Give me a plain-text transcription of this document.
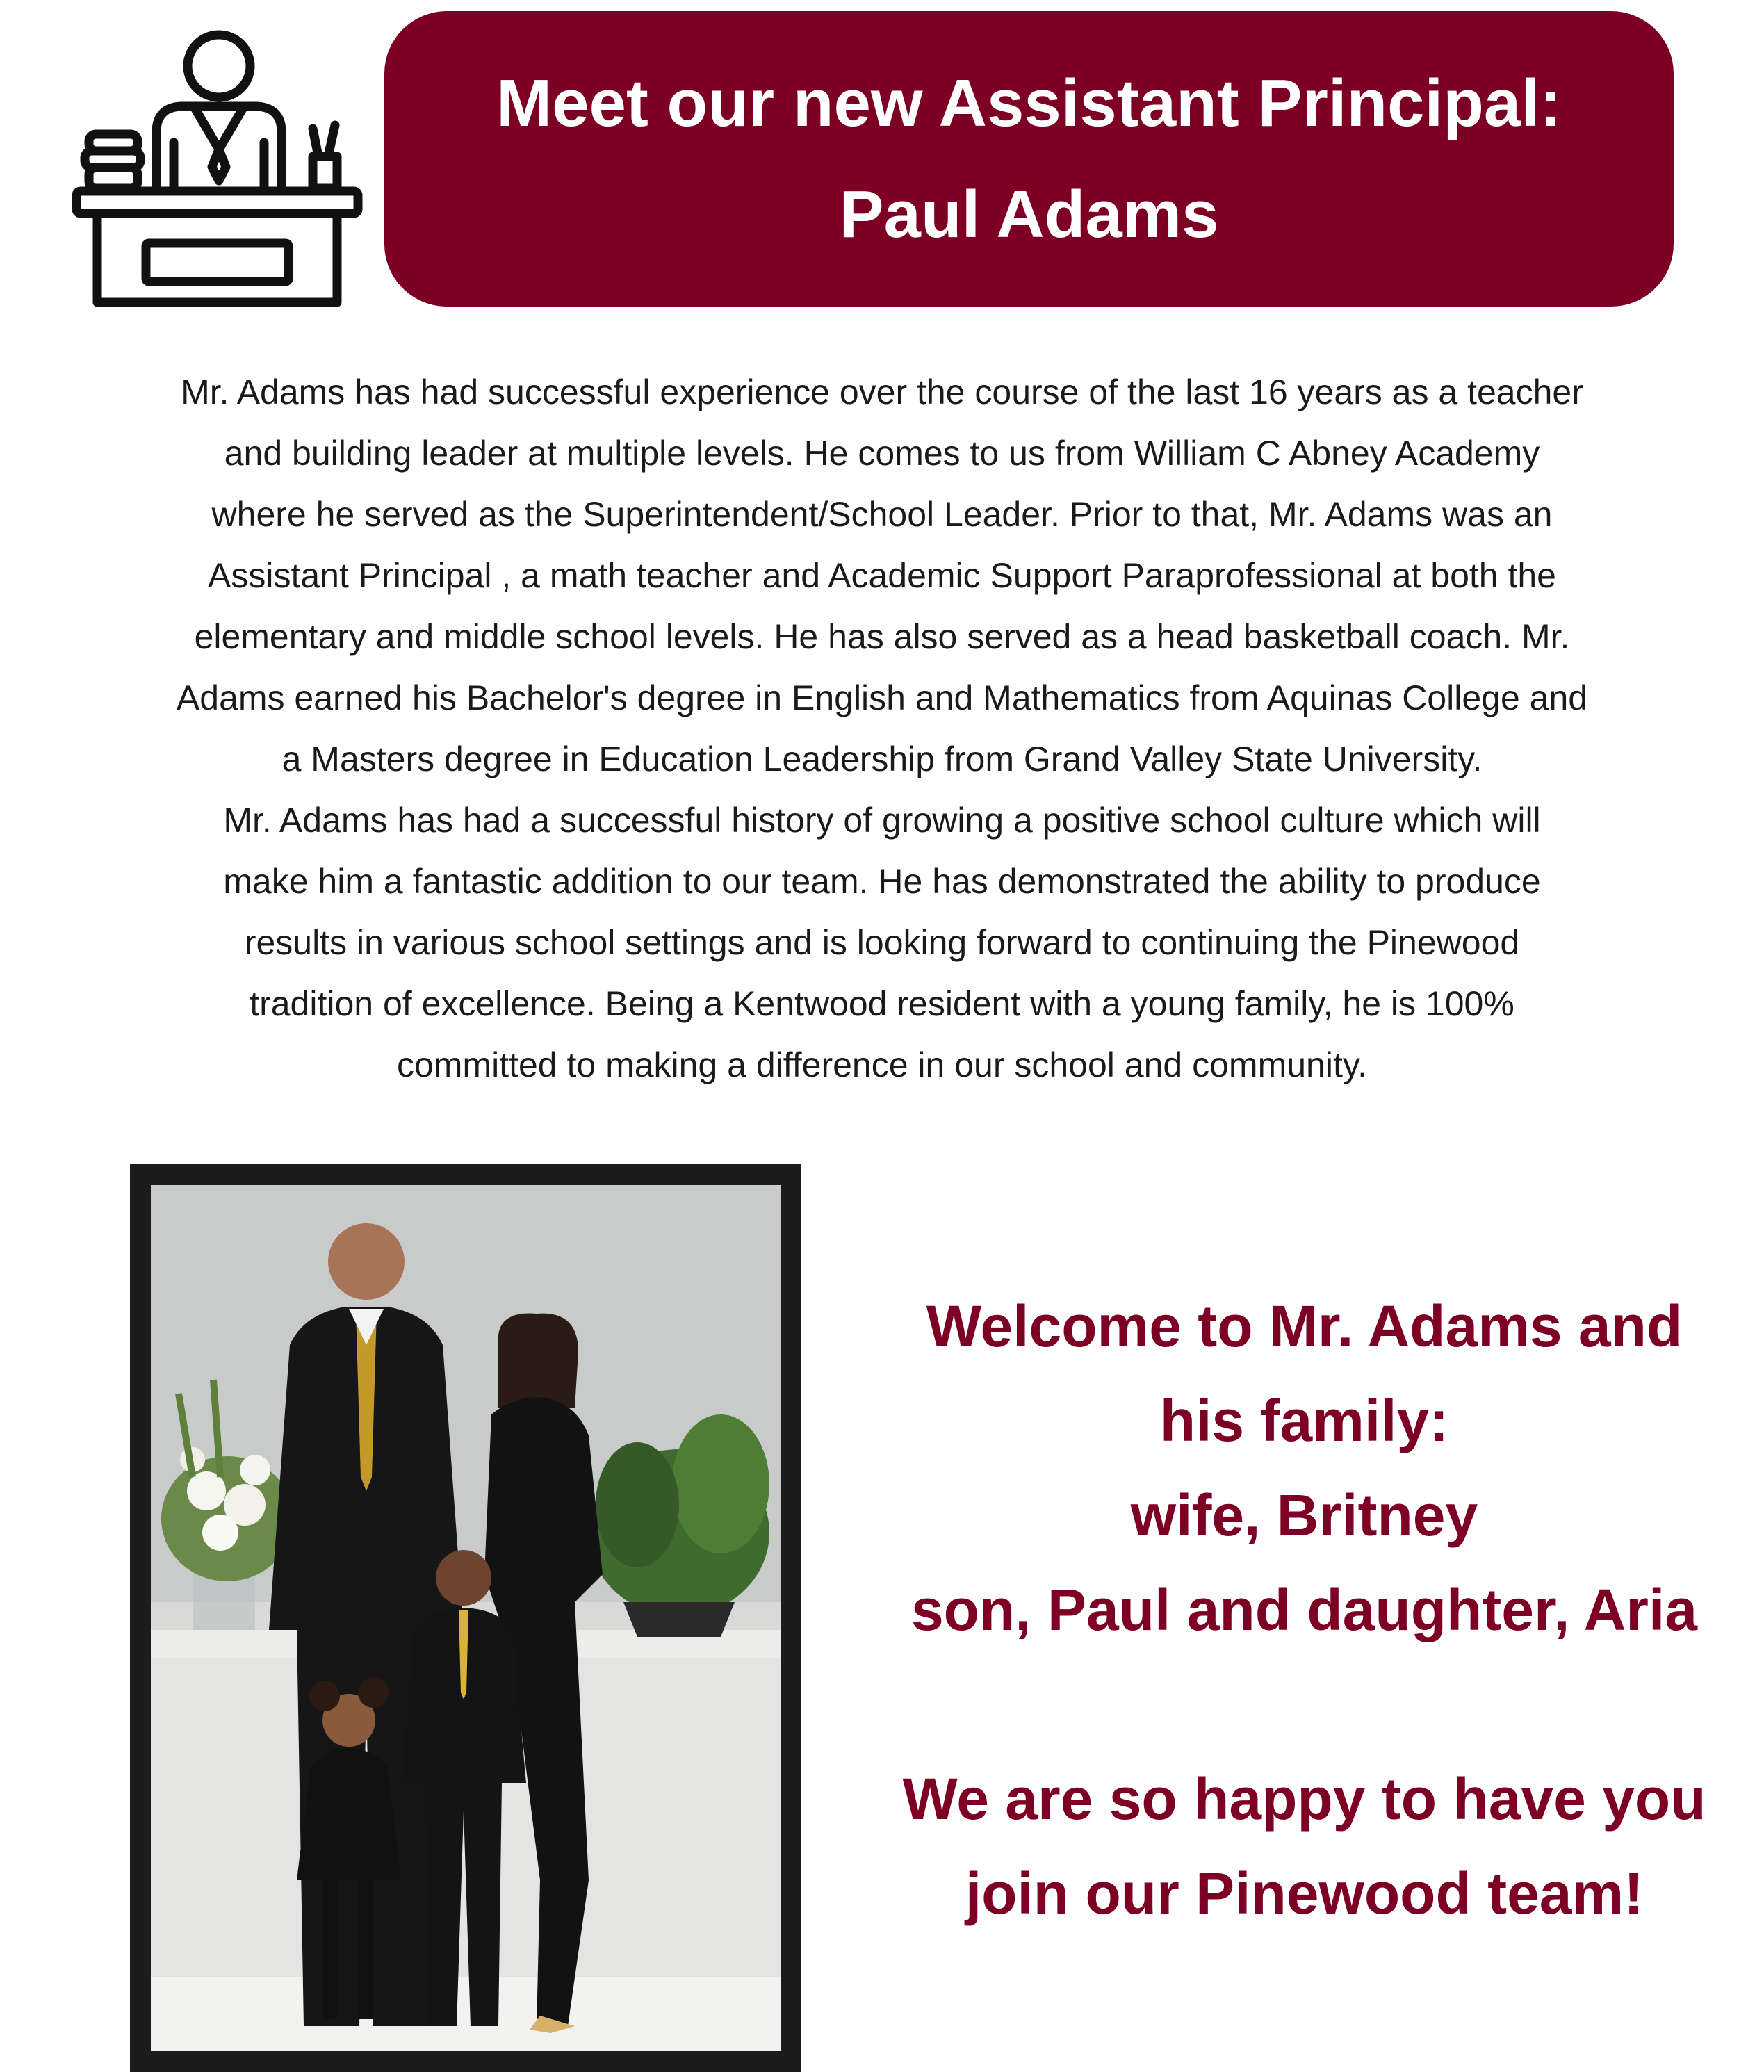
Meet our new Assistant Principal:
Paul Adams

Mr. Adams has had successful experience over the course of the last 16 years as a teacher
and building leader at multiple levels. He comes to us from William C Abney Academy
where he served as the Superintendent/School Leader. Prior to that, Mr. Adams was an
Assistant Principal , a math teacher and Academic Support Paraprofessional at both the
elementary and middle school levels. He has also served as a head basketball coach. Mr.
Adams earned his Bachelor's degree in English and Mathematics from Aquinas College and
a Masters degree in Education Leadership from Grand Valley State University.

Mr. Adams has had a successful history of growing a positive school culture which will
make him a fantastic addition to our team. He has demonstrated the ability to produce
results in various school settings and is looking forward to continuing the Pinewood
tradition of excellence. Being a Kentwood resident with a young family, he is 100%
committed to making a difference in our school and community.

Welcome to Mr. Adams and
his family:
wife, Britney
son, Paul and daughter, Aria
We are so happy to have you
join our Pinewood team!
